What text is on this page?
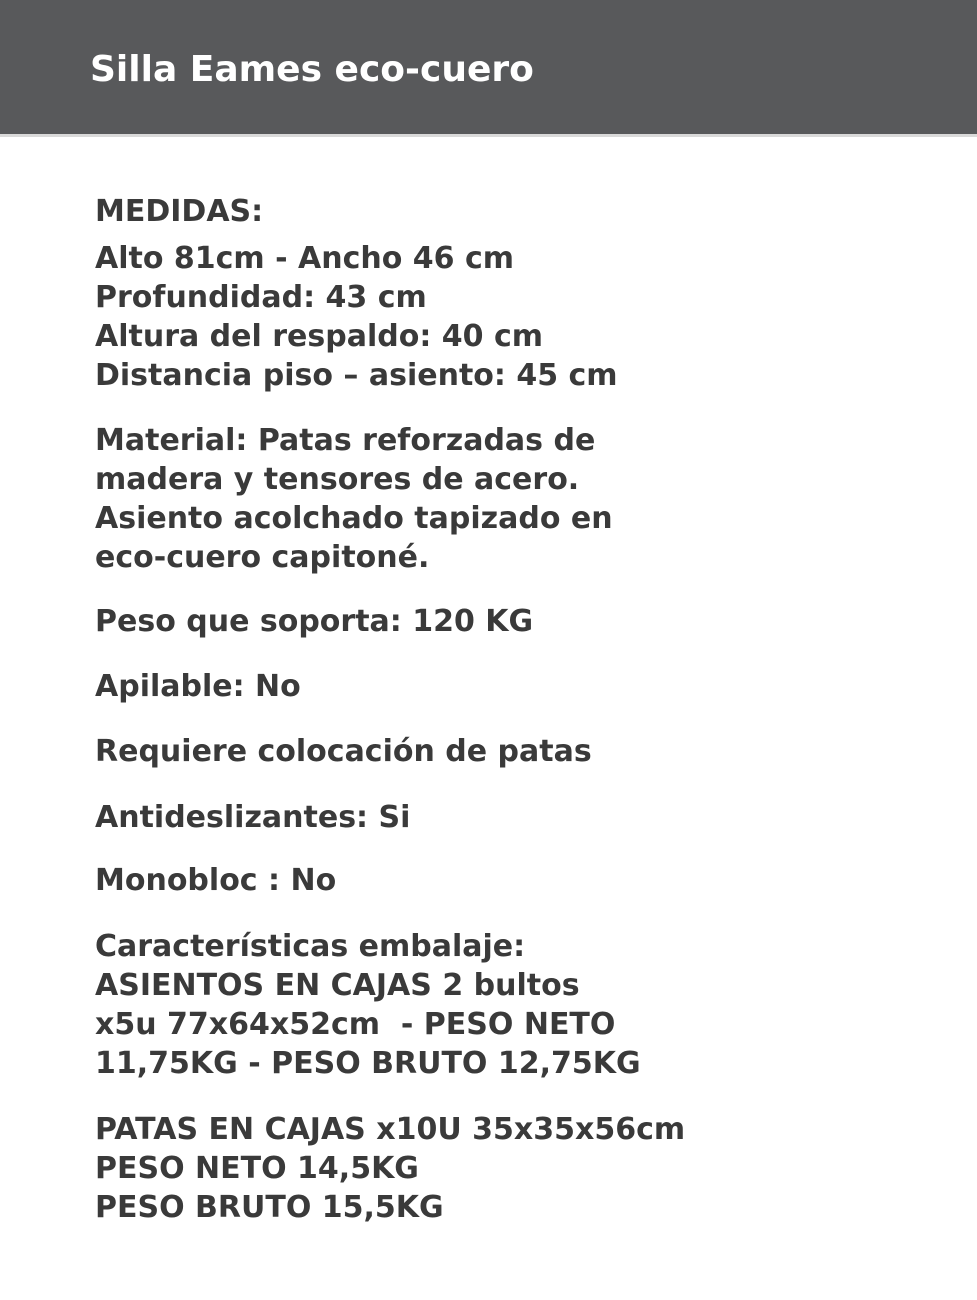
Silla Eames eco-cuero
MEDIDAS:
Alto 81cm - Ancho 46 cm
Profundidad: 43 cm
Altura del respaldo: 40 cm
Distancia piso – asiento: 45 cm
Material: Patas reforzadas de
madera y tensores de acero.
Asiento acolchado tapizado en
eco-cuero capitoné.
Peso que soporta: 120 KG
Apilable: No
Requiere colocación de patas
Antideslizantes: Si
Monobloc : No
Características embalaje:
ASIENTOS EN CAJAS 2 bultos
x5u 77x64x52cm  - PESO NETO
11,75KG - PESO BRUTO 12,75KG
PATAS EN CAJAS x10U 35x35x56cm
PESO NETO 14,5KG
PESO BRUTO 15,5KG
